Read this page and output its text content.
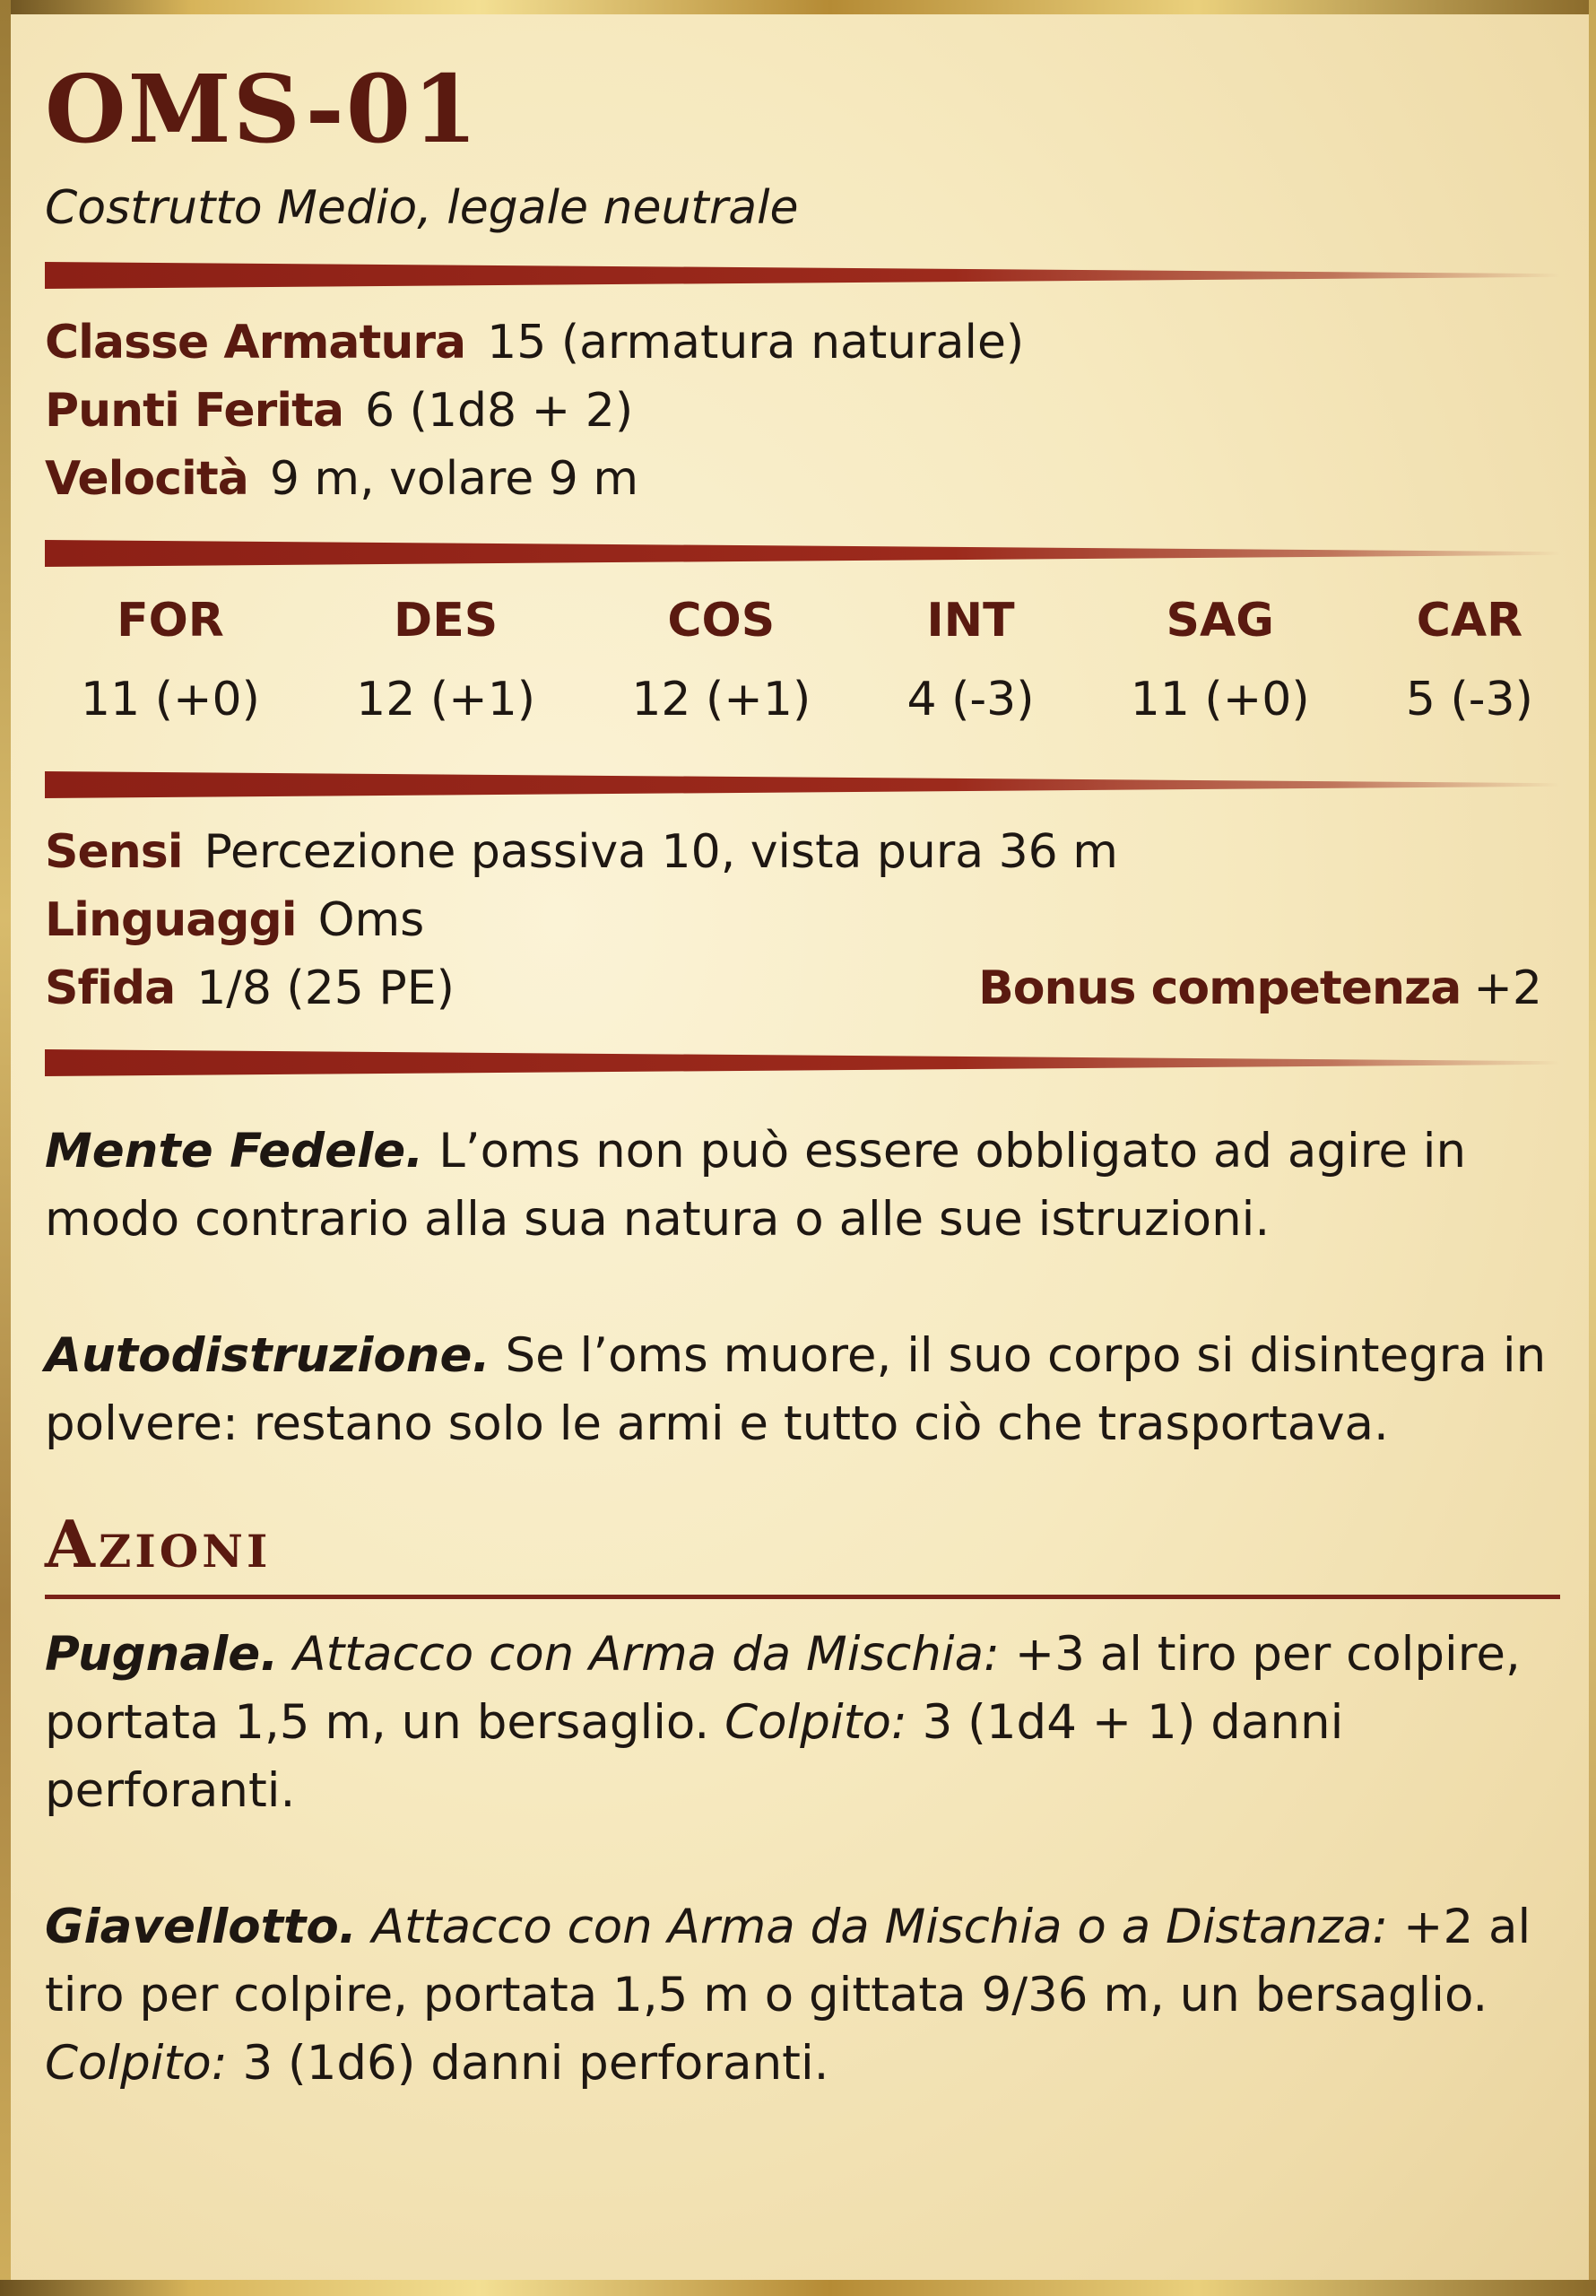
OMS-01
Costrutto Medio, legale neutrale
Classe Armatura 15 (armatura naturale)
Punti Ferita 6 (1d8 + 2)
Velocità 9 m, volare 9 m
FOR
11 (+0)
DES
12 (+1)
COS
12 (+1)
INT
4 (-3)
SAG
11 (+0)
CAR
5 (-3)
Sensi Percezione passiva 10, vista pura 36 m
Linguaggi Oms
Sfida 1/8 (25 PE)	Bonus competenza +2

Mente Fedele. L’oms non può essere obbligato ad agire in modo contrario alla sua natura o alle sue istruzioni.

Autodistruzione. Se l’oms muore, il suo corpo si disintegra in polvere: restano solo le armi e tutto ciò che trasportava.

Azioni

Pugnale. Attacco con Arma da Mischia: +3 al tiro per colpire, portata 1,5 m, un bersaglio. Colpito: 3 (1d4 + 1) danni perforanti.

Giavellotto. Attacco con Arma da Mischia o a Distanza: +2 al tiro per colpire, portata 1,5 m o gittata 9/36 m, un bersaglio. Colpito: 3 (1d6) danni perforanti.
